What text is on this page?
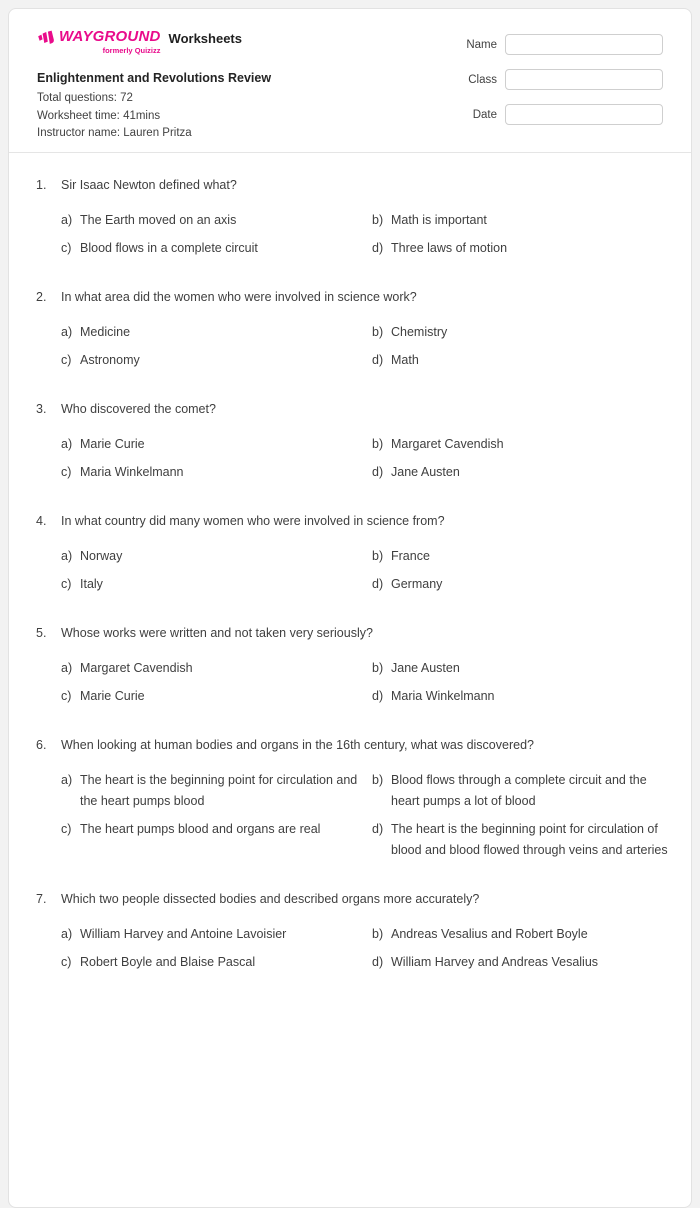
WAYGROUND
formerly Quizizz
Worksheets
Enlightenment and Revolutions Review
Total questions: 72
Worksheet time: 41mins
Instructor name: Lauren Pritza
Name
Class
Date
1.	Sir Isaac Newton defined what?
a) The Earth moved on an axis	b) Math is important
c) Blood flows in a complete circuit	d) Three laws of motion
2.	In what area did the women who were involved in science work?
a) Medicine	b) Chemistry
c) Astronomy	d) Math
3.	Who discovered the comet?
a) Marie Curie	b) Margaret Cavendish
c) Maria Winkelmann	d) Jane Austen
4.	In what country did many women who were involved in science from?
a) Norway	b) France
c) Italy	d) Germany
5.	Whose works were written and not taken very seriously?
a) Margaret Cavendish	b) Jane Austen
c) Marie Curie	d) Maria Winkelmann
6.	When looking at human bodies and organs in the 16th century, what was discovered?
a) The heart is the beginning point for circulation and the heart pumps blood
b) Blood flows through a complete circuit and the heart pumps a lot of blood
c) The heart pumps blood and organs are real	d) The heart is the beginning point for circulation of blood and blood flowed through veins and arteries
7.	Which two people dissected bodies and described organs more accurately?
a) William Harvey and Antoine Lavoisier	b) Andreas Vesalius and Robert Boyle
c) Robert Boyle and Blaise Pascal	d) William Harvey and Andreas Vesalius
